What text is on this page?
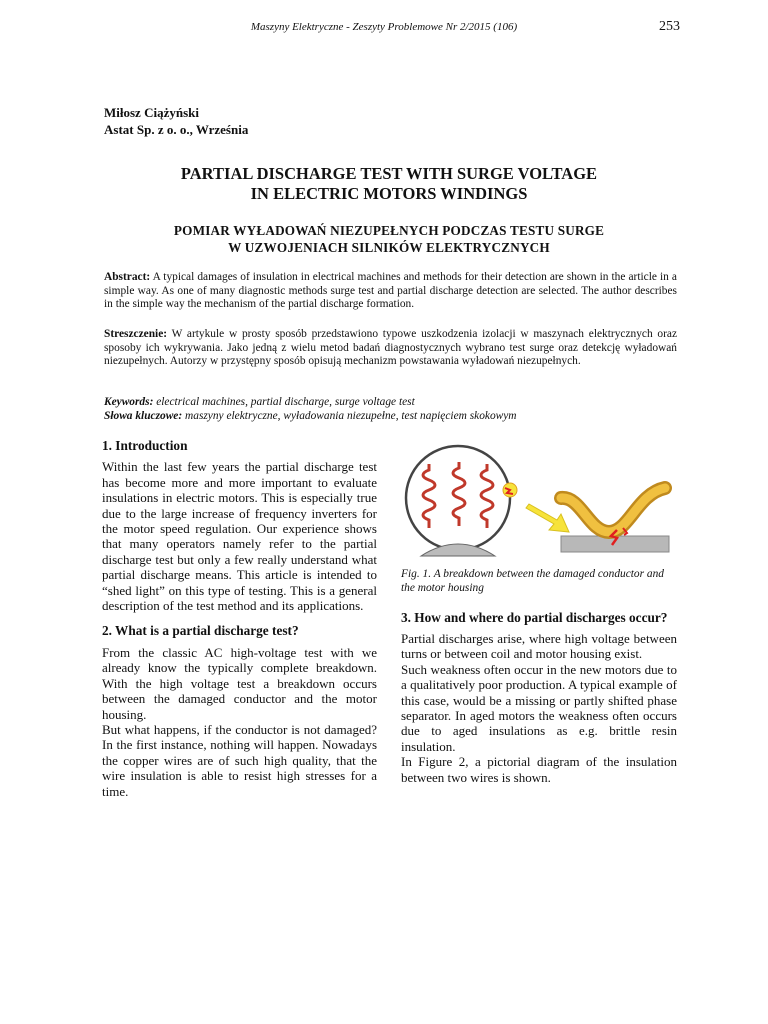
Maszyny Elektryczne - Zeszyty Problemowe Nr 2/2015 (106)	253
Miłosz Ciążyński
Astat Sp. z o. o., Września
PARTIAL DISCHARGE TEST WITH SURGE VOLTAGE
IN ELECTRIC MOTORS WINDINGS
POMIAR WYŁADOWAŃ NIEZUPEŁNYCH PODCZAS TESTU SURGE
W UZWOJENIACH SILNIKÓW ELEKTRYCZNYCH
Abstract: A typical damages of insulation in electrical machines and methods for their detection are shown in the article in a simple way. As one of many diagnostic methods surge test and partial discharge detection are selected. The author describes in the simple way the mechanism of the partial discharge formation.
Streszczenie: W artykule w prosty sposób przedstawiono typowe uszkodzenia izolacji w maszynach elektrycznych oraz sposoby ich wykrywania. Jako jedną z wielu metod badań diagnostycznych wybrano test surge oraz detekcję wyładowań niezupełnych. Autorzy w przystępny sposób opisują mechanizm powstawania wyładowań niezupełnych.
Keywords: electrical machines, partial discharge, surge voltage test
Słowa kluczowe: maszyny elektryczne, wyładowania niezupełne, test napięciem skokowym
1. Introduction

Within the last few years the partial discharge test has become more and more important to evaluate insulations in electric motors. This is especially true due to the large increase of frequency inverters for the motor speed regulation. Our experience shows that many operators namely refer to the partial discharge test but only a few really understand what partial discharge means. This article is intended to “shed light” on this type of testing. This is a general description of the test method and its applications.

2. What is a partial discharge test?

From the classic AC high-voltage test with we already know the typically complete breakdown. With the high voltage test a breakdown occurs between the damaged conductor and the motor housing.

But what happens, if the conductor is not damaged? In the first instance, nothing will happen. Nowadays the copper wires are of such high quality, that the wire insulation is able to resist high stresses for a time.

Fig. 1. A breakdown between the damaged conductor and the motor housing
3. How and where do partial discharges occur?

Partial discharges arise, where high voltage between turns or between coil and motor housing exist.

Such weakness often occur in the new motors due to a qualitatively poor production. A typical example of this case, would be a missing or partly shifted phase separator. In aged motors the weakness often occurs due to aged insulations as e.g. brittle resin insulation.

In Figure 2, a pictorial diagram of the insulation between two wires is shown.
